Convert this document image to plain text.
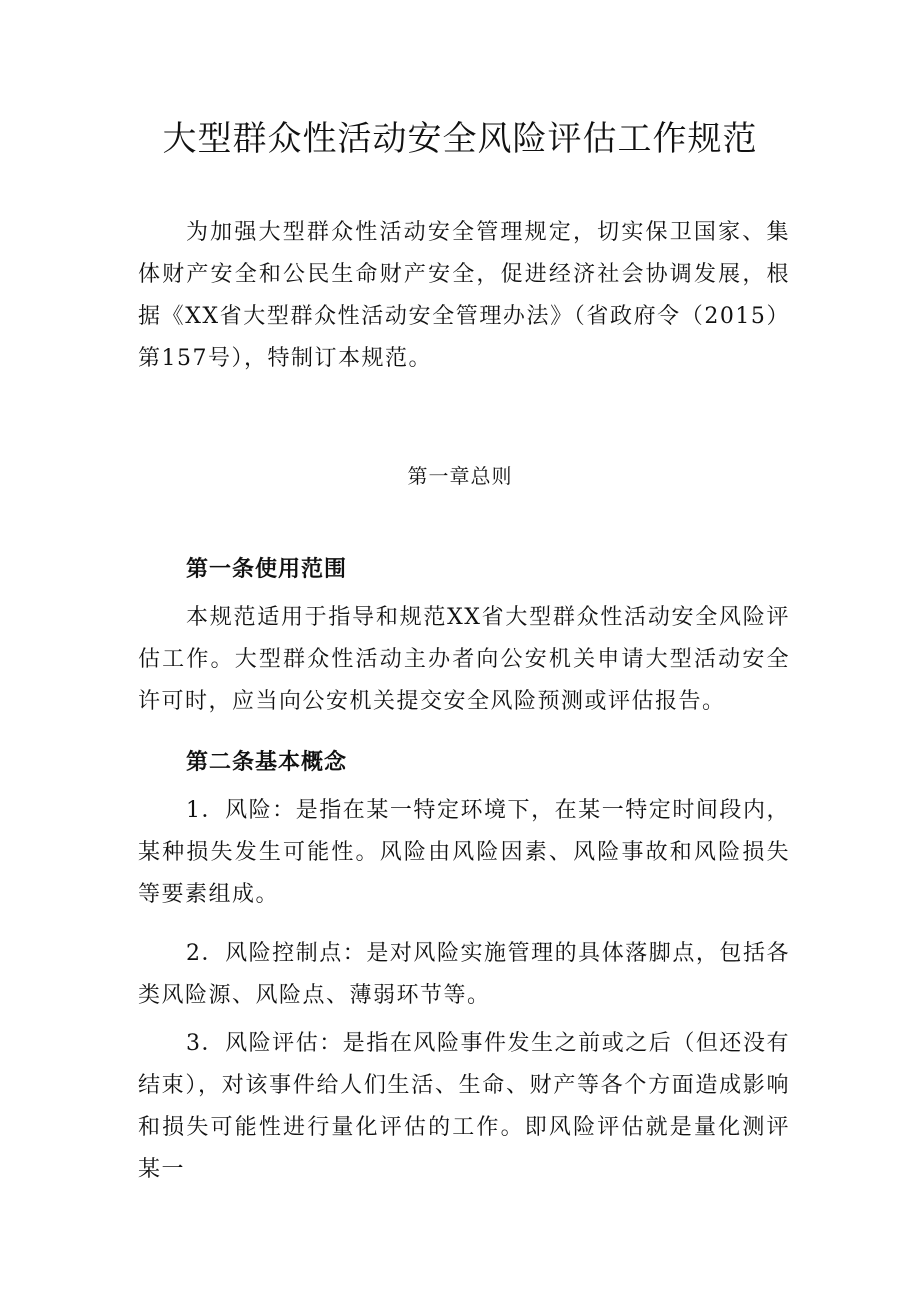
大型群众性活动安全风险评估工作规范

为加强大型群众性活动安全管理规定，切实保卫国家、集体财产安全和公民生命财产安全，促进经济社会协调发展，根据《XX省大型群众性活动安全管理办法》（省政府令（2015）第157号），特制订本规范。

第一章总则

第一条使用范围

本规范适用于指导和规范XX省大型群众性活动安全风险评估工作。大型群众性活动主办者向公安机关申请大型活动安全许可时，应当向公安机关提交安全风险预测或评估报告。

第二条基本概念

1．风险：是指在某一特定环境下，在某一特定时间段内，某种损失发生可能性。风险由风险因素、风险事故和风险损失等要素组成。

2．风险控制点：是对风险实施管理的具体落脚点，包括各类风险源、风险点、薄弱环节等。

3．风险评估：是指在风险事件发生之前或之后（但还没有结束），对该事件给人们生活、生命、财产等各个方面造成影响和损失可能性进行量化评估的工作。即风险评估就是量化测评某一
